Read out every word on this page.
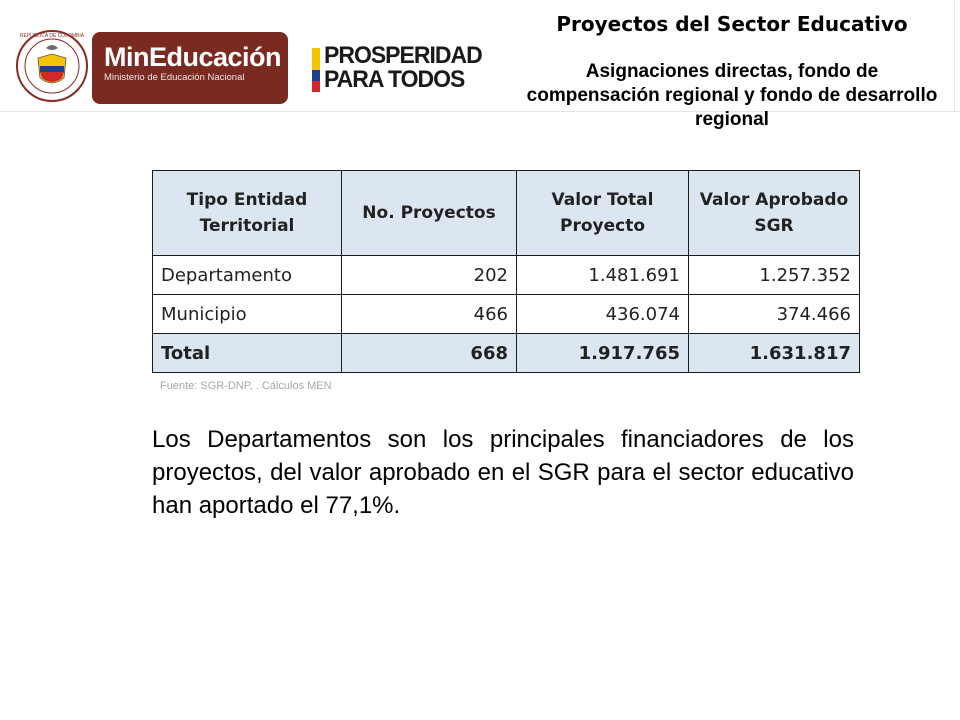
REPÚBLICA DE COLOMBIA
MinEducación
Ministerio de Educación Nacional
PROSPERIDAD
PARA TODOS
Proyectos del Sector Educativo
Asignaciones directas, fondo de compensación regional y fondo de desarrollo regional
Tipo Entidad Territorial	No. Proyectos	Valor Total Proyecto	Valor Aprobado SGR
Departamento	202	1.481.691	1.257.352
Municipio	466	436.074	374.466
Total	668	1.917.765	1.631.817
Fuente: SGR-DNP, . Cálculos MEN
Los Departamentos son los principales financiadores de los proyectos, del valor aprobado en el SGR para el sector educativo han aportado el 77,1%.
